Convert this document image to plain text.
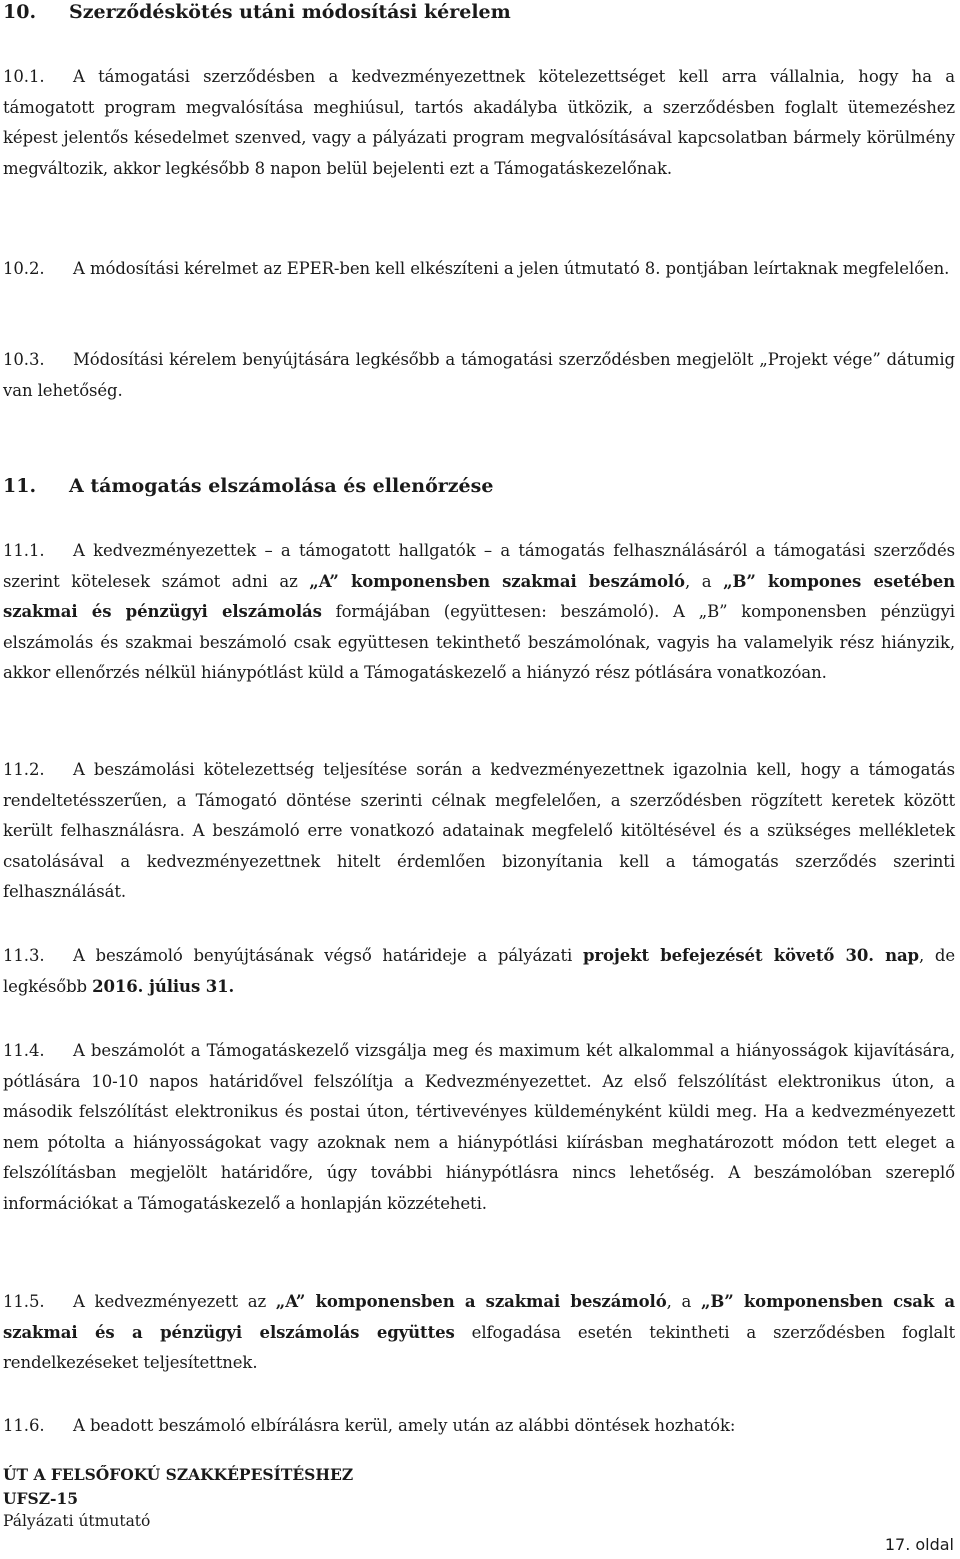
10. Szerződéskötés utáni módosítási kérelem

10.1. A támogatási szerződésben a kedvezményezettnek kötelezettséget kell arra vállalnia, hogy ha a támogatott program megvalósítása meghiúsul, tartós akadályba ütközik, a szerződésben foglalt ütemezéshez képest jelentős késedelmet szenved, vagy a pályázati program megvalósításával kapcsolatban bármely körülmény megváltozik, akkor legkésőbb 8 napon belül bejelenti ezt a Támogatáskezelőnak.

10.2. A módosítási kérelmet az EPER-ben kell elkészíteni a jelen útmutató 8. pontjában leírtaknak megfelelően.

10.3. Módosítási kérelem benyújtására legkésőbb a támogatási szerződésben megjelölt „Projekt vége” dátumig van lehetőség.

11. A támogatás elszámolása és ellenőrzése

11.1. A kedvezményezettek – a támogatott hallgatók – a támogatás felhasználásáról a támogatási szerződés szerint kötelesek számot adni az „A” komponensben szakmai beszámoló, a „B” kompones esetében szakmai és pénzügyi elszámolás formájában (együttesen: beszámoló). A „B” komponensben pénzügyi elszámolás és szakmai beszámoló csak együttesen tekinthető beszámolónak, vagyis ha valamelyik rész hiányzik, akkor ellenőrzés nélkül hiánypótlást küld a Támogatáskezelő a hiányzó rész pótlására vonatkozóan.

11.2. A beszámolási kötelezettség teljesítése során a kedvezményezettnek igazolnia kell, hogy a támogatás rendeltetésszerűen, a Támogató döntése szerinti célnak megfelelően, a szerződésben rögzített keretek között került felhasználásra. A beszámoló erre vonatkozó adatainak megfelelő kitöltésével és a szükséges mellékletek csatolásával a kedvezményezettnek hitelt érdemlően bizonyítania kell a támogatás szerződés szerinti felhasználását.

11.3. A beszámoló benyújtásának végső határideje a pályázati projekt befejezését követő 30. nap, de legkésőbb 2016. július 31.

11.4. A beszámolót a Támogatáskezelő vizsgálja meg és maximum két alkalommal a hiányosságok kijavítására, pótlására 10-10 napos határidővel felszólítja a Kedvezményezettet. Az első felszólítást elektronikus úton, a második felszólítást elektronikus és postai úton, tértivevényes küldeményként küldi meg. Ha a kedvezményezett nem pótolta a hiányosságokat vagy azoknak nem a hiánypótlási kiírásban meghatározott módon tett eleget a felszólításban megjelölt határidőre, úgy további hiánypótlásra nincs lehetőség. A beszámolóban szereplő információkat a Támogatáskezelő a honlapján közzéteheti.

11.5. A kedvezményezett az „A” komponensben a szakmai beszámoló, a „B” komponensben csak a szakmai és a pénzügyi elszámolás együttes elfogadása esetén tekintheti a szerződésben foglalt rendelkezéseket teljesítettnek.

11.6. A beadott beszámoló elbírálásra kerül, amely után az alábbi döntések hozhatók:

ÚT A FELSŐFOKÚ SZAKKÉPESÍTÉSHEZ
UFSZ-15
Pályázati útmutató
17. oldal
